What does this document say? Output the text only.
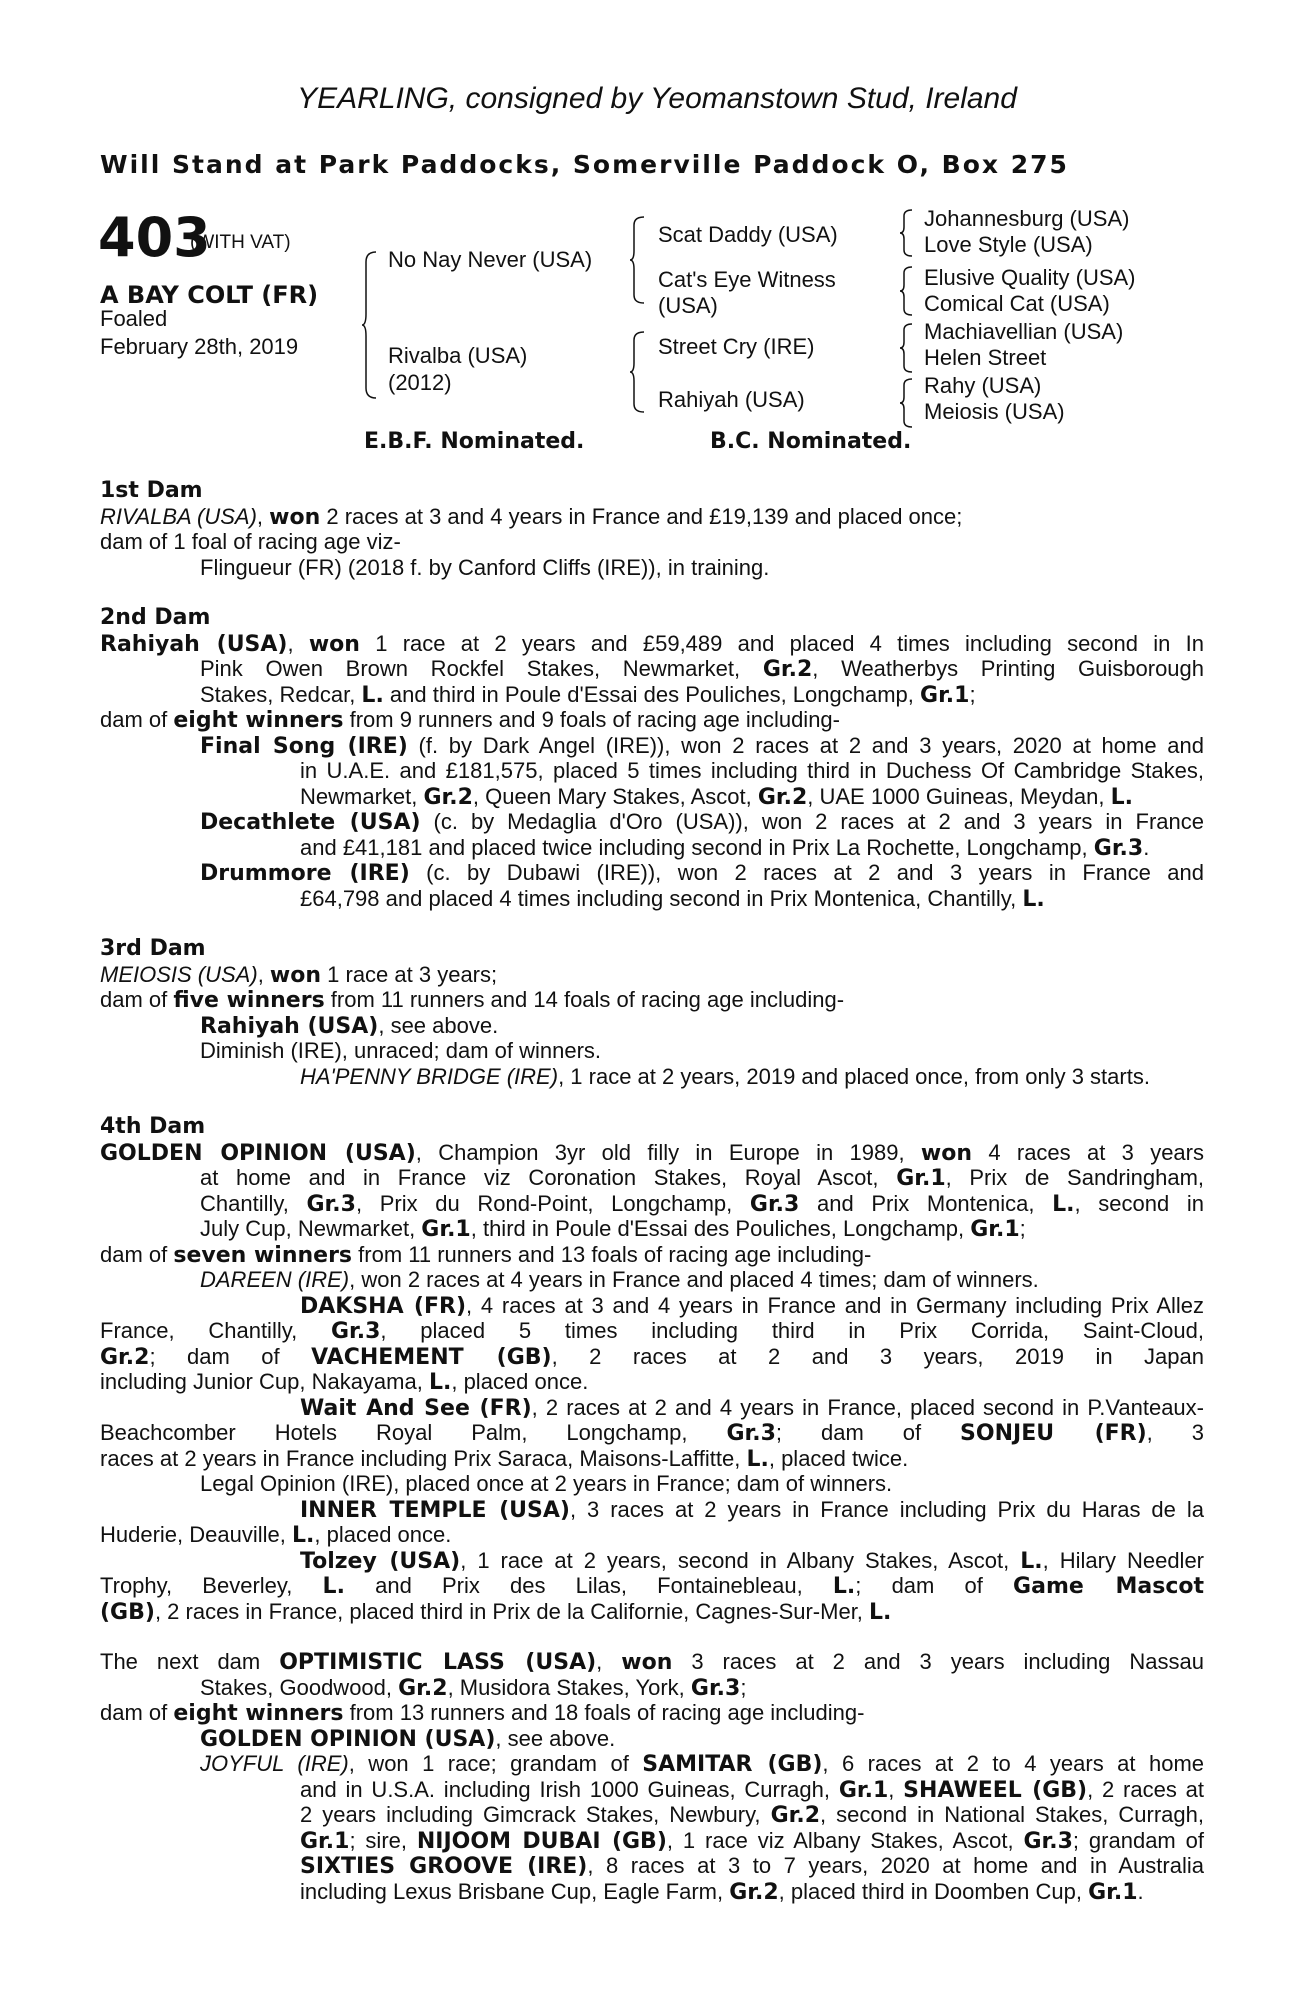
YEARLING, consigned by Yeomanstown Stud, Ireland
Will Stand at Park Paddocks, Somerville Paddock O, Box 275
403
(WITH VAT)
A BAY COLT (FR)
Foaled
February 28th, 2019
No Nay Never (USA)
Rivalba (USA)
(2012)
Scat Daddy (USA)
Cat's Eye Witness
(USA)
Street Cry (IRE)
Rahiyah (USA)
Johannesburg (USA)
Love Style (USA)
Elusive Quality (USA)
Comical Cat (USA)
Machiavellian (USA)
Helen Street
Rahy (USA)
Meiosis (USA)
E.B.F. Nominated.	B.C. Nominated.
1st Dam
RIVALBA (USA), won 2 races at 3 and 4 years in France and £19,139 and placed once;
dam of 1 foal of racing age viz-
Flingueur (FR) (2018 f. by Canford Cliffs (IRE)), in training.
2nd Dam
Rahiyah (USA), won 1 race at 2 years and £59,489 and placed 4 times including second in In
Pink Owen Brown Rockfel Stakes, Newmarket, Gr.2, Weatherbys Printing Guisborough
Stakes, Redcar, L. and third in Poule d'Essai des Pouliches, Longchamp, Gr.1;
dam of eight winners from 9 runners and 9 foals of racing age including-
Final Song (IRE) (f. by Dark Angel (IRE)), won 2 races at 2 and 3 years, 2020 at home and
in U.A.E. and £181,575, placed 5 times including third in Duchess Of Cambridge Stakes,
Newmarket, Gr.2, Queen Mary Stakes, Ascot, Gr.2, UAE 1000 Guineas, Meydan, L.
Decathlete (USA) (c. by Medaglia d'Oro (USA)), won 2 races at 2 and 3 years in France
and £41,181 and placed twice including second in Prix La Rochette, Longchamp, Gr.3.
Drummore (IRE) (c. by Dubawi (IRE)), won 2 races at 2 and 3 years in France and
£64,798 and placed 4 times including second in Prix Montenica, Chantilly, L.
3rd Dam
MEIOSIS (USA), won 1 race at 3 years;
dam of five winners from 11 runners and 14 foals of racing age including-
Rahiyah (USA), see above.
Diminish (IRE), unraced; dam of winners.
HA'PENNY BRIDGE (IRE), 1 race at 2 years, 2019 and placed once, from only 3 starts.
4th Dam
GOLDEN OPINION (USA), Champion 3yr old filly in Europe in 1989, won 4 races at 3 years
at home and in France viz Coronation Stakes, Royal Ascot, Gr.1, Prix de Sandringham,
Chantilly, Gr.3, Prix du Rond-Point, Longchamp, Gr.3 and Prix Montenica, L., second in
July Cup, Newmarket, Gr.1, third in Poule d'Essai des Pouliches, Longchamp, Gr.1;
dam of seven winners from 11 runners and 13 foals of racing age including-
DAREEN (IRE), won 2 races at 4 years in France and placed 4 times; dam of winners.
DAKSHA (FR), 4 races at 3 and 4 years in France and in Germany including Prix Allez
France, Chantilly, Gr.3, placed 5 times including third in Prix Corrida, Saint-Cloud,
Gr.2; dam of VACHEMENT (GB), 2 races at 2 and 3 years, 2019 in Japan
including Junior Cup, Nakayama, L., placed once.
Wait And See (FR), 2 races at 2 and 4 years in France, placed second in P.Vanteaux-
Beachcomber Hotels Royal Palm, Longchamp, Gr.3; dam of SONJEU (FR), 3
races at 2 years in France including Prix Saraca, Maisons-Laffitte, L., placed twice.
Legal Opinion (IRE), placed once at 2 years in France; dam of winners.
INNER TEMPLE (USA), 3 races at 2 years in France including Prix du Haras de la
Huderie, Deauville, L., placed once.
Tolzey (USA), 1 race at 2 years, second in Albany Stakes, Ascot, L., Hilary Needler
Trophy, Beverley, L. and Prix des Lilas, Fontainebleau, L.; dam of Game Mascot
(GB), 2 races in France, placed third in Prix de la Californie, Cagnes-Sur-Mer, L.
The next dam OPTIMISTIC LASS (USA), won 3 races at 2 and 3 years including Nassau
Stakes, Goodwood, Gr.2, Musidora Stakes, York, Gr.3;
dam of eight winners from 13 runners and 18 foals of racing age including-
GOLDEN OPINION (USA), see above.
JOYFUL (IRE), won 1 race; grandam of SAMITAR (GB), 6 races at 2 to 4 years at home
and in U.S.A. including Irish 1000 Guineas, Curragh, Gr.1, SHAWEEL (GB), 2 races at
2 years including Gimcrack Stakes, Newbury, Gr.2, second in National Stakes, Curragh,
Gr.1; sire, NIJOOM DUBAI (GB), 1 race viz Albany Stakes, Ascot, Gr.3; grandam of
SIXTIES GROOVE (IRE), 8 races at 3 to 7 years, 2020 at home and in Australia
including Lexus Brisbane Cup, Eagle Farm, Gr.2, placed third in Doomben Cup, Gr.1.
